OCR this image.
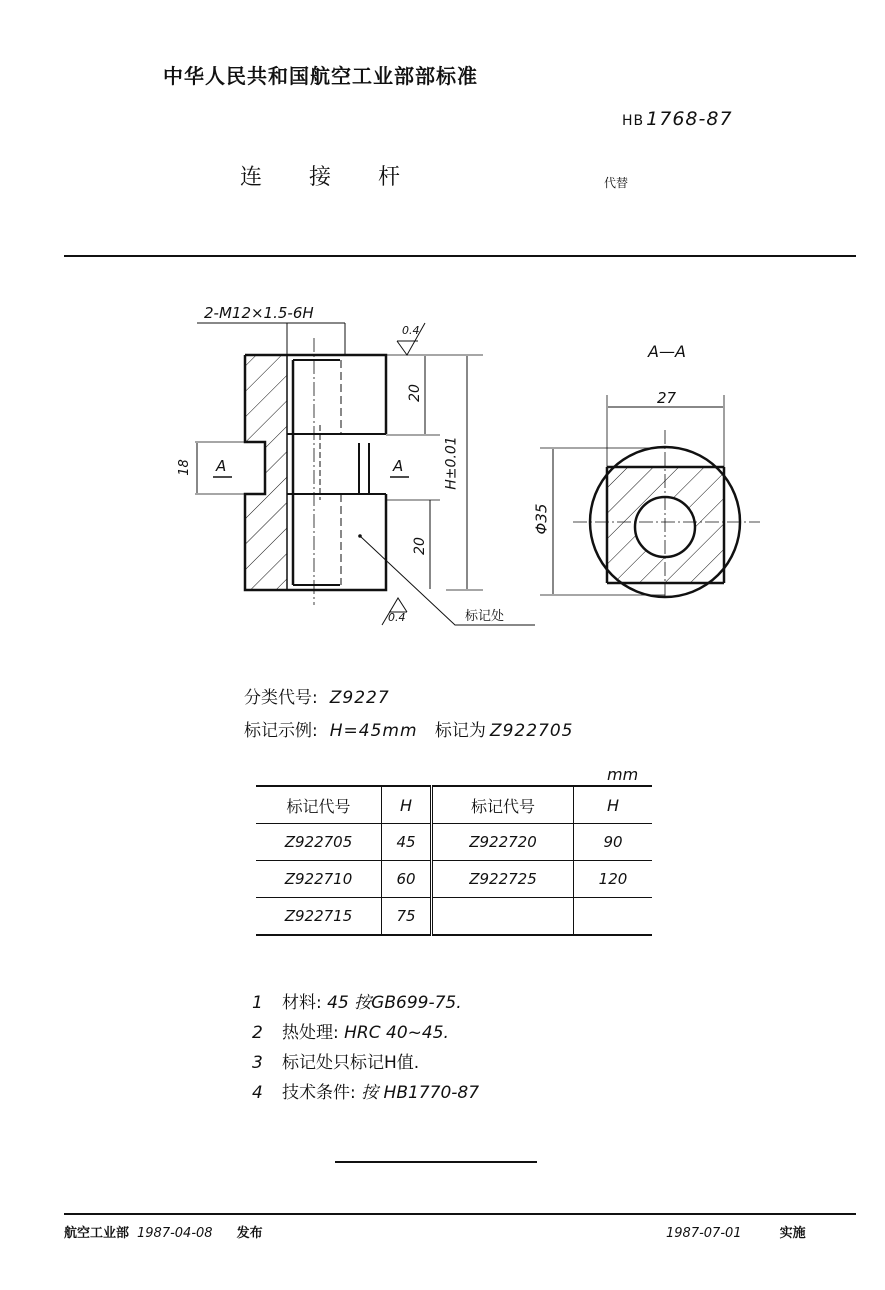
中华人民共和国航空工业部部标准
HB 1768-87
连 接 杆	代替
2-M12×1.5-6H
0.4
0.4
20
20
H±0.01
18 A	A
标记处
A—A
27
Φ35
分类代号: Z9227
标记示例: H=45mm 标记为 Z922705
mm
标记代号	H	标记代号	H
Z922705	45	Z922720	90
Z922710	60	Z922725	120
Z922715	75		
1 材料: 45 按GB699-75.
2 热处理: HRC 40~45.
3 标记处只标记H值.
4 技术条件: 按 HB1770-87
航空工业部 1987-04-08 发布	1987-07-01	实施
